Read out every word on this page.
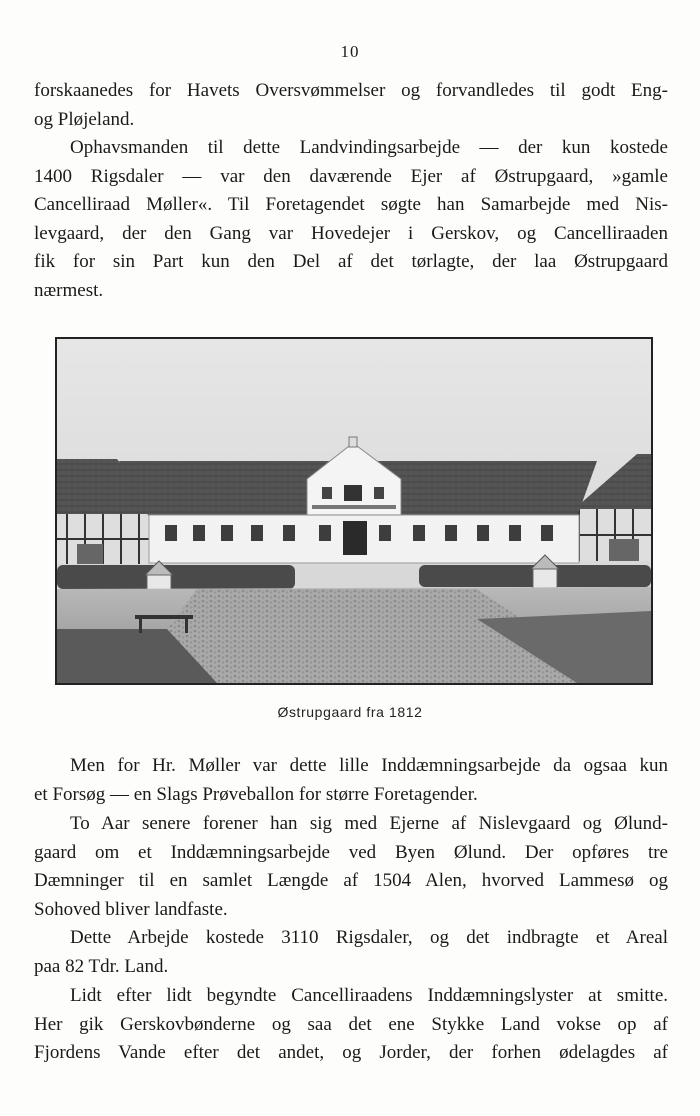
10
forskaanedes for Havets Oversvømmelser og forvandledes til godt Eng-
og Pløjeland.
Ophavsmanden til dette Landvindingsarbejde — der kun kostede
1400 Rigsdaler — var den daværende Ejer af Østrupgaard, »gamle
Cancelliraad Møller«. Til Foretagendet søgte han Samarbejde med Nis-
levgaard, der den Gang var Hovedejer i Gerskov, og Cancelliraaden
fik for sin Part kun den Del af det tørlagte, der laa Østrupgaard
nærmest.
Østrupgaard fra 1812
Men for Hr. Møller var dette lille Inddæmningsarbejde da ogsaa kun
et Forsøg — en Slags Prøveballon for større Foretagender.
To Aar senere forener han sig med Ejerne af Nislevgaard og Ølund-
gaard om et Inddæmningsarbejde ved Byen Ølund. Der opføres tre
Dæmninger til en samlet Længde af 1504 Alen, hvorved Lammesø og
Sohoved bliver landfaste.
Dette Arbejde kostede 3110 Rigsdaler, og det indbragte et Areal
paa 82 Tdr. Land.
Lidt efter lidt begyndte Cancelliraadens Inddæmningslyster at smitte.
Her gik Gerskovbønderne og saa det ene Stykke Land vokse op af
Fjordens Vande efter det andet, og Jorder, der forhen ødelagdes af
